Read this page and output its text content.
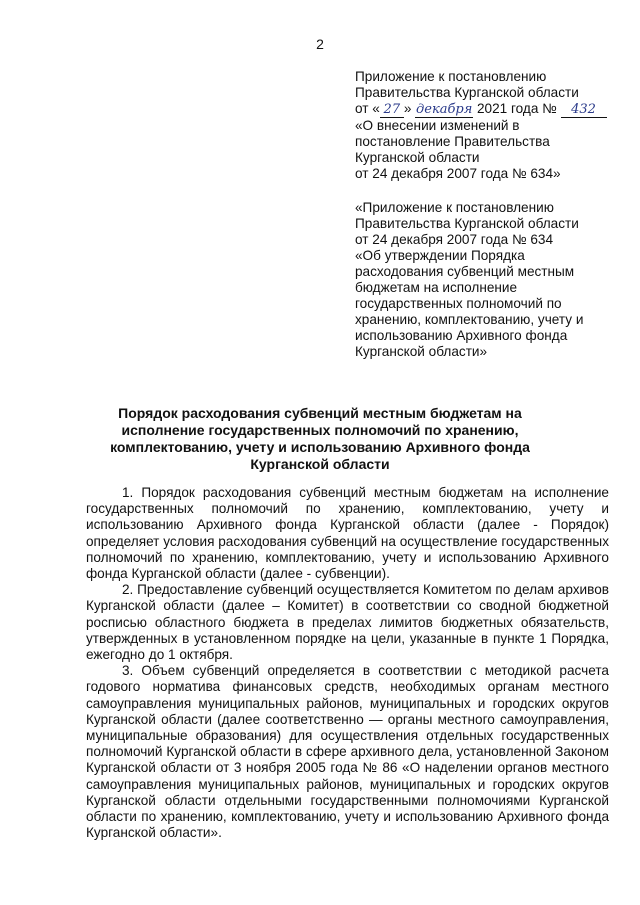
2
Приложение к постановлению
Правительства Курганской области
от « 27 » декабря 2021 года № 432
«О внесении изменений в
постановление Правительства
Курганской области
от 24 декабря 2007 года № 634»
«Приложение к постановлению
Правительства Курганской области
от 24 декабря 2007 года № 634
«Об утверждении Порядка
расходования субвенций местным
бюджетам на исполнение
государственных полномочий по
хранению, комплектованию, учету и
использованию Архивного фонда
Курганской области»
Порядок расходования субвенций местным бюджетам на исполнение государственных полномочий по хранению, комплектованию, учету и использованию Архивного фонда Курганской области

1. Порядок расходования субвенций местным бюджетам на исполнение государственных полномочий по хранению, комплектованию, учету и использованию Архивного фонда Курганской области (далее - Порядок) определяет условия расходования субвенций на осуществление государственных полномочий по хранению, комплектованию, учету и использованию Архивного фонда Курганской области (далее - субвенции).

2. Предоставление субвенций осуществляется Комитетом по делам архивов Курганской области (далее – Комитет) в соответствии со сводной бюджетной росписью областного бюджета в пределах лимитов бюджетных обязательств, утвержденных в установленном порядке на цели, указанные в пункте 1 Порядка, ежегодно до 1 октября.

3. Объем субвенций определяется в соответствии с методикой расчета годового норматива финансовых средств, необходимых органам местного самоуправления муниципальных районов, муниципальных и городских округов Курганской области (далее соответственно — органы местного самоуправления, муниципальные образования) для осуществления отдельных государственных полномочий Курганской области в сфере архивного дела, установленной Законом Курганской области от 3 ноября 2005 года № 86 «О наделении органов местного самоуправления муниципальных районов, муниципальных и городских округов Курганской области отдельными государственными полномочиями Курганской области по хранению, комплектованию, учету и использованию Архивного фонда Курганской области».
